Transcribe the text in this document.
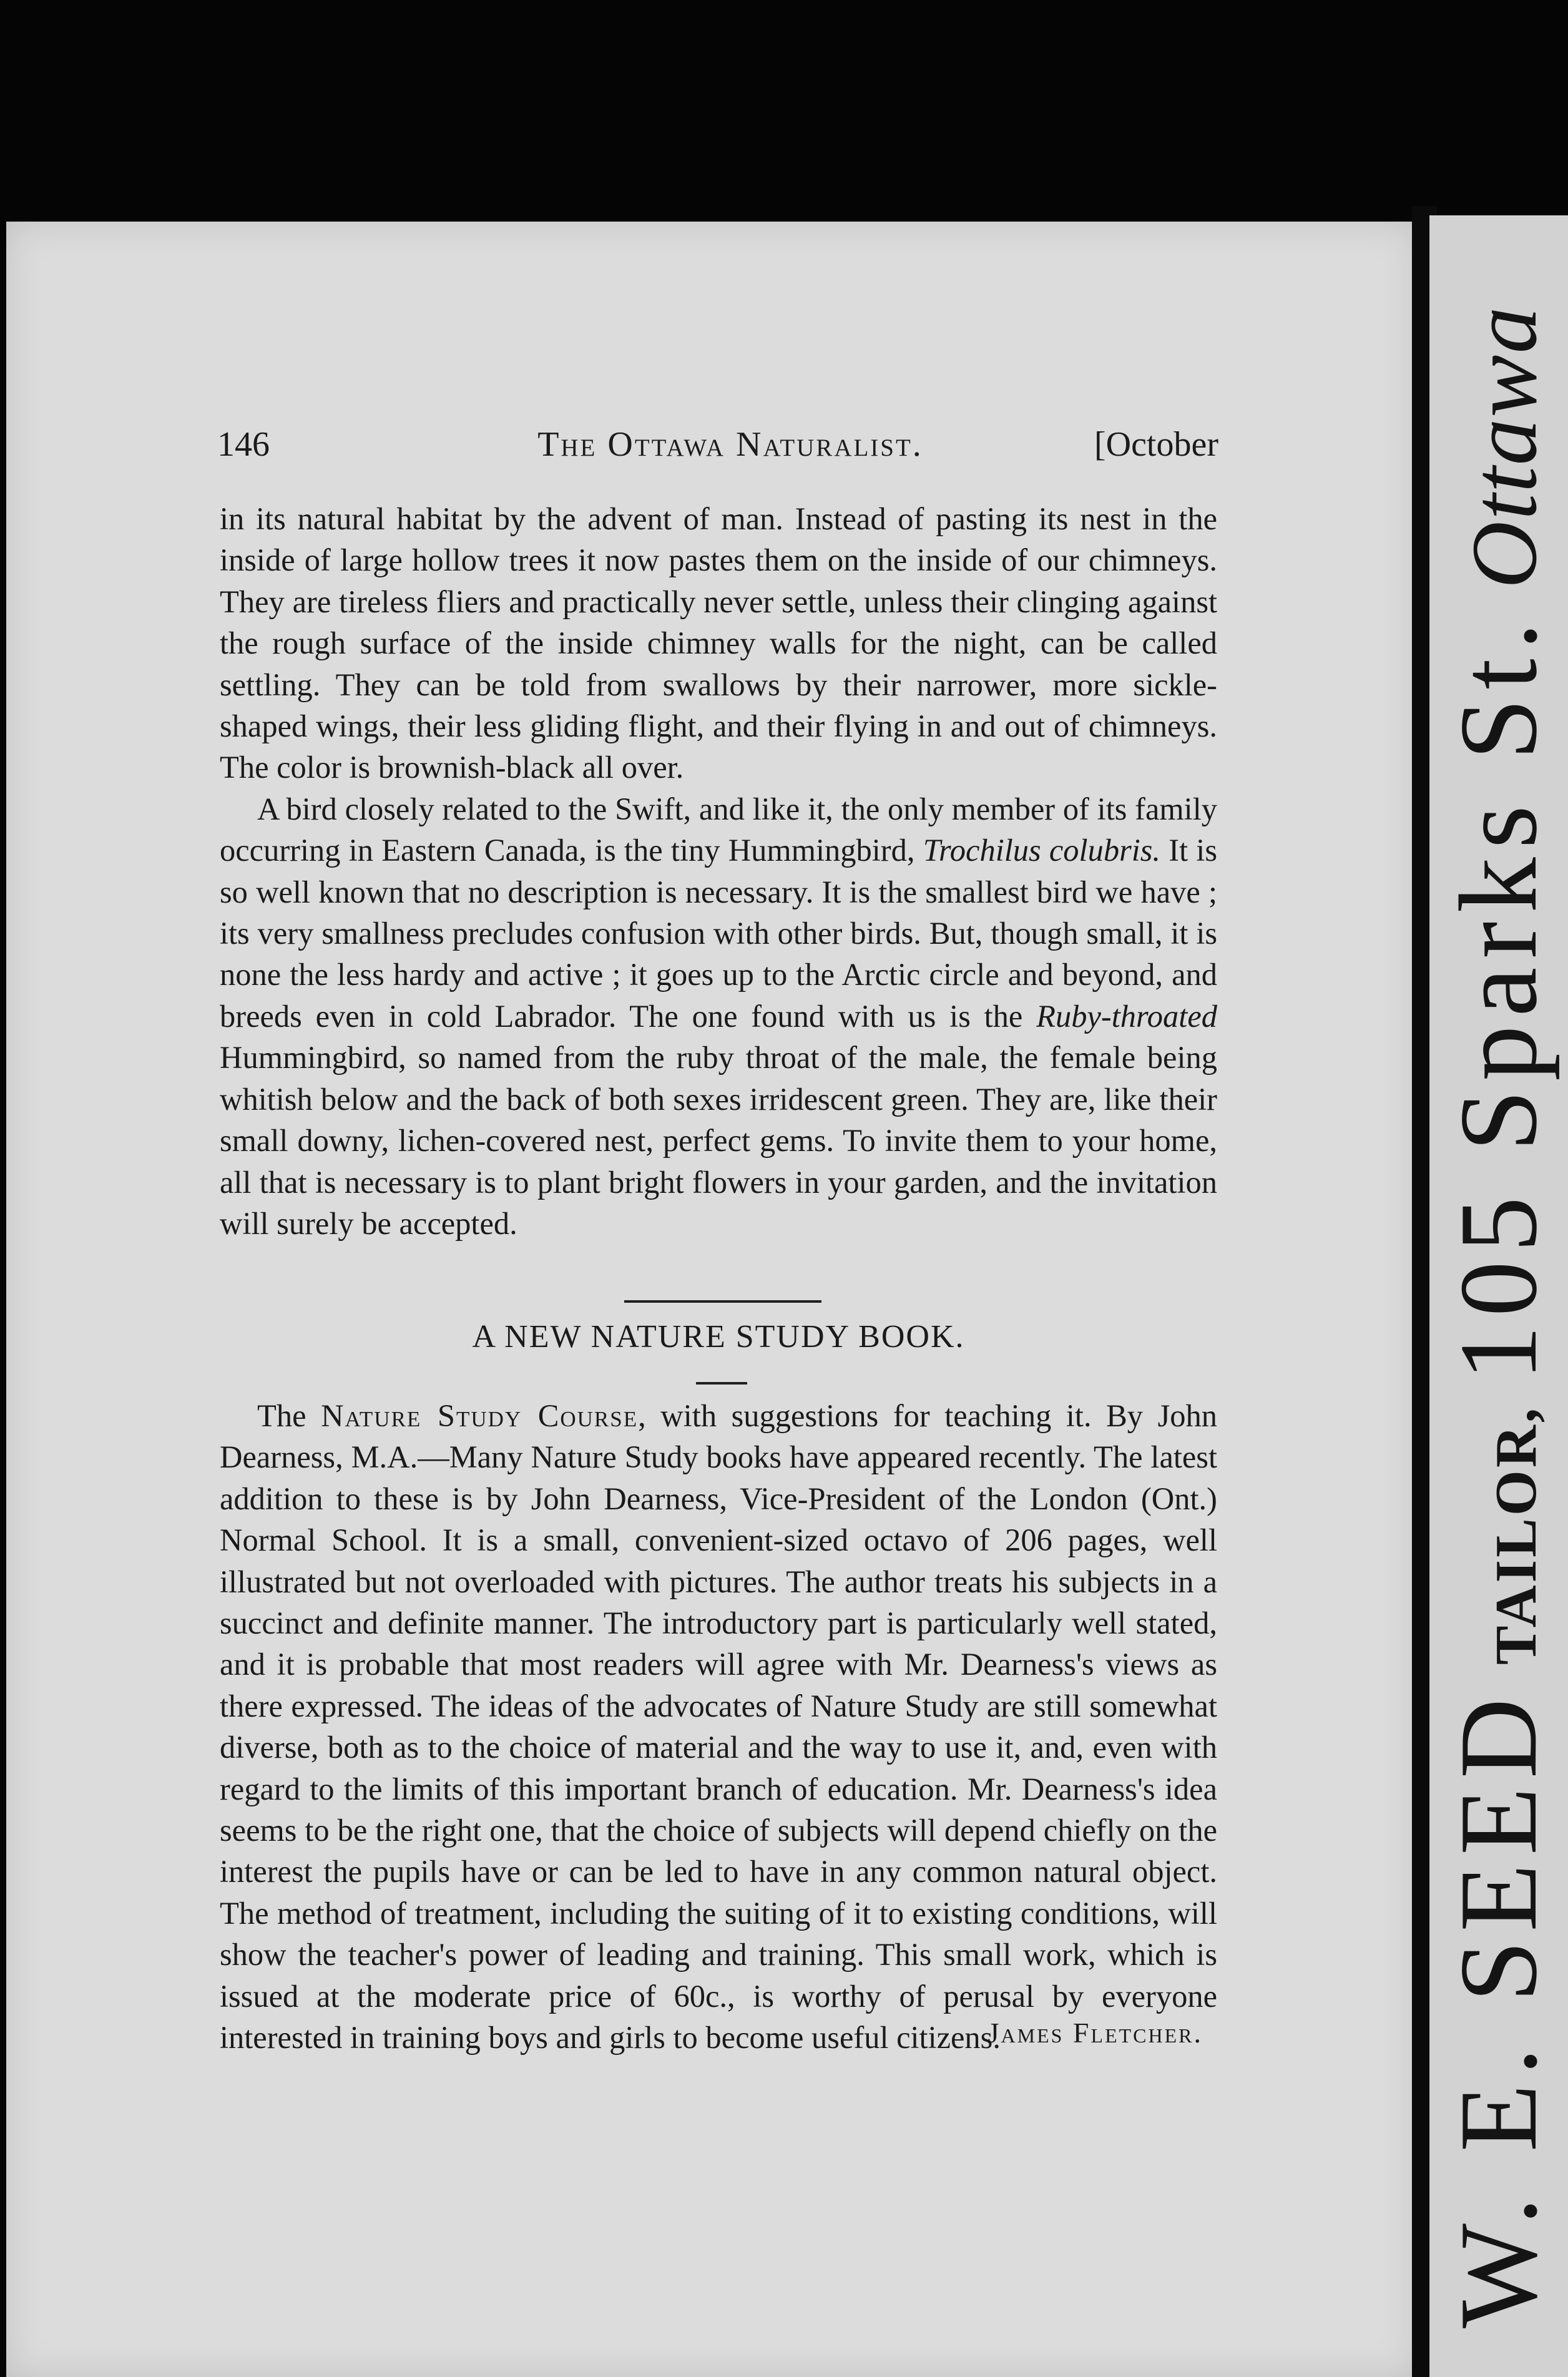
W. E. SEED TAILOR, 105 Sparks St. Ottawa
146	The Ottawa Naturalist.	[October

in its natural habitat by the advent of man. Instead of pasting its nest in the inside of large hollow trees it now pastes them on the inside of our chimneys. They are tireless fliers and practically never settle, unless their clinging against the rough surface of the inside chimney walls for the night, can be called settling. They can be told from swallows by their narrower, more sickle-shaped wings, their less gliding flight, and their flying in and out of chimneys. The color is brownish-black all over.

A bird closely related to the Swift, and like it, the only member of its family occurring in Eastern Canada, is the tiny Hummingbird, Trochilus colubris. It is so well known that no description is necessary. It is the smallest bird we have ; its very smallness precludes confusion with other birds. But, though small, it is none the less hardy and active ; it goes up to the Arctic circle and beyond, and breeds even in cold Labrador. The one found with us is the Ruby-throated Hummingbird, so named from the ruby throat of the male, the female being whitish below and the back of both sexes irridescent green. They are, like their small downy, lichen-covered nest, perfect gems. To invite them to your home, all that is necessary is to plant bright flowers in your garden, and the invitation will surely be accepted.

A NEW NATURE STUDY BOOK.

The Nature Study Course, with suggestions for teaching it. By John Dearness, M.A.—Many Nature Study books have appeared recently. The latest addition to these is by John Dearness, Vice-President of the London (Ont.) Normal School. It is a small, convenient-sized octavo of 206 pages, well illustrated but not overloaded with pictures. The author treats his subjects in a succinct and definite manner. The introductory part is particularly well stated, and it is probable that most readers will agree with Mr. Dearness's views as there expressed. The ideas of the advocates of Nature Study are still somewhat diverse, both as to the choice of material and the way to use it, and, even with regard to the limits of this important branch of education. Mr. Dearness's idea seems to be the right one, that the choice of subjects will depend chiefly on the interest the pupils have or can be led to have in any common natural object. The method of treatment, including the suiting of it to existing conditions, will show the teacher's power of leading and training. This small work, which is issued at the moderate price of 60c., is worthy of perusal by everyone interested in training boys and girls to become useful citizens.

James Fletcher.
